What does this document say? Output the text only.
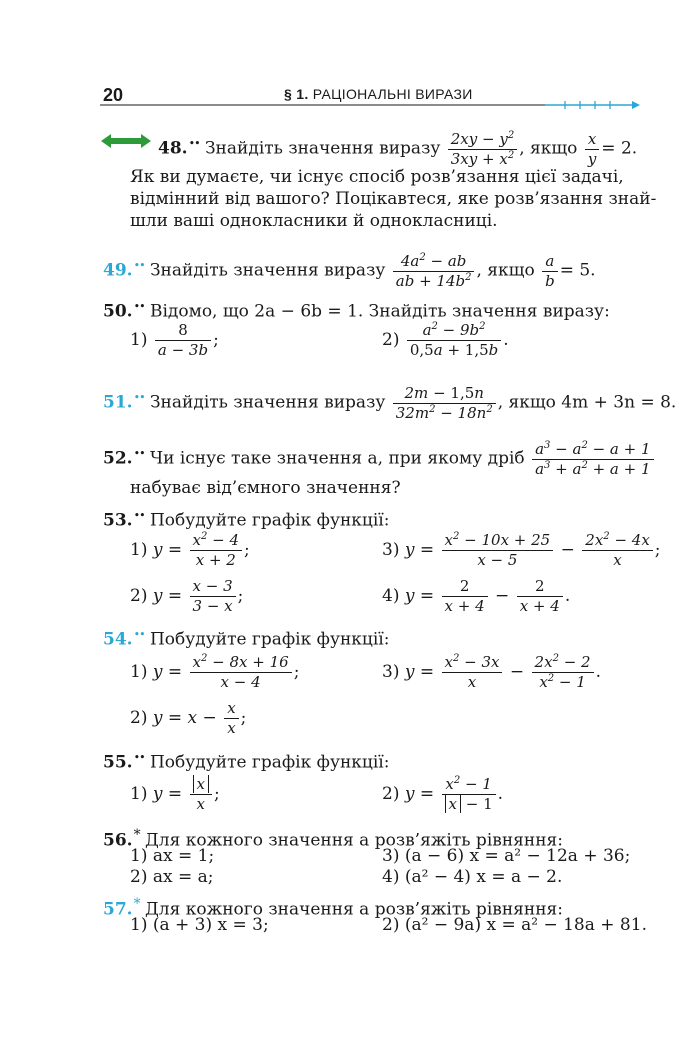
20	§ 1. РАЦІОНАЛЬНІ ВИРАЗИ
48.•• Знайдіть значення виразу $\frac{2xy - y^2}{3xy + x^2}$ , якщо $\frac{x}{y} = 2$.
Як ви думаєте, чи існує спосіб розв’язання цієї задачі,
відмінний від вашого? Поцікавтеся, яке розв’язання знай-
шли ваші однокласники й однокласниці.
49.•• Знайдіть значення виразу $\frac{4a^2 - ab}{ab + 14b^2}$ , якщо $\frac{a}{b} = 5$.
50.•• Відомо, що 2a − 6b = 1. Знайдіть значення виразу:
$1) \frac{8}{a - 3b}$ ;	$2) \frac{a^2 - 9b^2}{0,5a + 1,5b}$ .
51.•• Знайдіть значення виразу $\frac{2m - 1,5n}{32m^2 - 18n^2}$ , якщо 4m + 3n = 8.
52.•• Чи існує таке значення a, при якому дріб $\frac{a^3 - a^2 - a + 1}{a^3 + a^2 + a + 1}$
набуває від’ємного значення?
53.•• Побудуйте графік функції:
1) $y = \frac{x^2 - 4}{x + 2}$ ;	3) $y = \frac{x^2 - 10x + 25}{x - 5} - \frac{2x^2 - 4x}{x}$ ;
2) $y = \frac{x - 3}{3 - x}$ ;	4) $y = \frac{2}{x + 4} - \frac{2}{x + 4}$ .
54.•• Побудуйте графік функції:
1) $y = \frac{x^2 - 8x + 16}{x - 4}$ ;	3) $y = \frac{x^2 - 3x}{x} - \frac{2x^2 - 2}{x^2 - 1}$ .
2) $y = x - \frac{x}{x}$ ;
55.•• Побудуйте графік функції:
1) $y = \frac{x}{x}$ ;	2) $y = \frac{x^2 - 1}{x - 1}$ .
56.* Для кожного значення a розв’яжіть рівняння:
1) ax = 1;	3) (a − 6) x = a² − 12a + 36;
2) ax = a;	4) (a² − 4) x = a − 2.
57.* Для кожного значення a розв’яжіть рівняння:
1) (a + 3) x = 3;	2) (a² − 9a) x = a² − 18a + 81.
